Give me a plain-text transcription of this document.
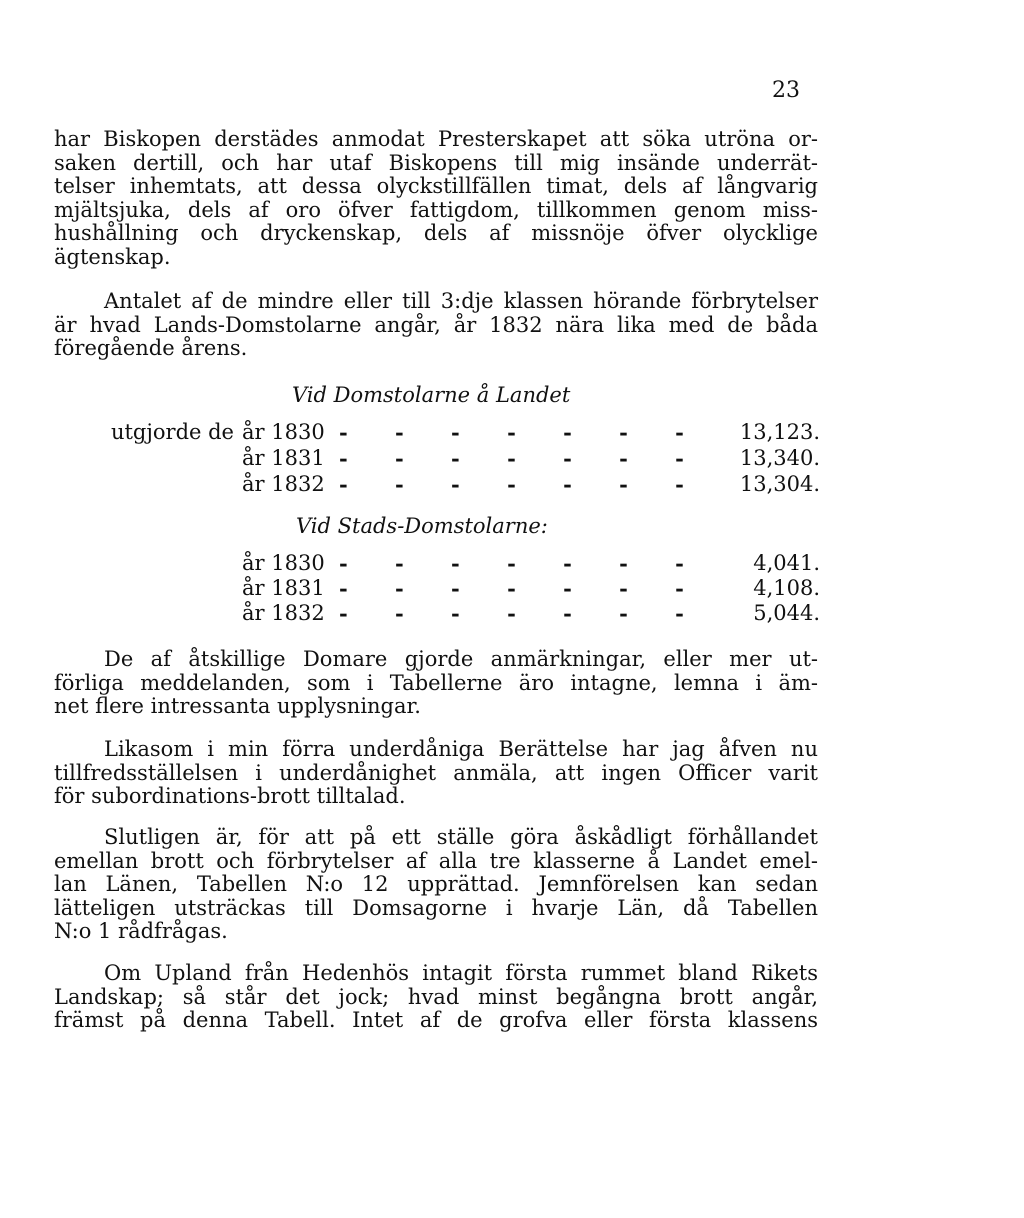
23
har Biskopen derstädes anmodat Presterskapet att söka utröna or-
saken dertill, och har utaf Biskopens till mig insände underrät-
telser inhemtats, att dessa olyckstillfällen timat, dels af långvarig
mjältsjuka, dels af oro öfver fattigdom, tillkommen genom miss-
hushållning och dryckenskap, dels af missnöje öfver olycklige
ägtenskap.
Antalet af de mindre eller till 3:dje klassen hörande förbrytelser
är hvad Lands-Domstolarne angår, år 1832 nära lika med de båda
föregående årens.
Vid Domstolarne å Landet
utgjorde de år 1830 - - - - - - - 13,123.
år 1831 - - - - - - - 13,340.
år 1832 - - - - - - - 13,304.
Vid Stads-Domstolarne:
år 1830 - - - - - - - 4,041.
år 1831 - - - - - - - 4,108.
år 1832 - - - - - - - 5,044.
De af åtskillige Domare gjorde anmärkningar, eller mer ut-
förliga meddelanden, som i Tabellerne äro intagne, lemna i äm-
net flere intressanta upplysningar.
Likasom i min förra underdåniga Berättelse har jag åfven nu
tillfredsställelsen i underdånighet anmäla, att ingen Officer varit
för subordinations-brott tilltalad.
Slutligen är, för att på ett ställe göra åskådligt förhållandet
emellan brott och förbrytelser af alla tre klasserne å Landet emel-
lan Länen, Tabellen N:o 12 upprättad. Jemnförelsen kan sedan
lätteligen utsträckas till Domsagorne i hvarje Län, då Tabellen
N:o 1 rådfrågas.
Om Upland från Hedenhös intagit första rummet bland Rikets
Landskap; så står det jock; hvad minst begångna brott angår,
främst på denna Tabell. Intet af de grofva eller första klassens
